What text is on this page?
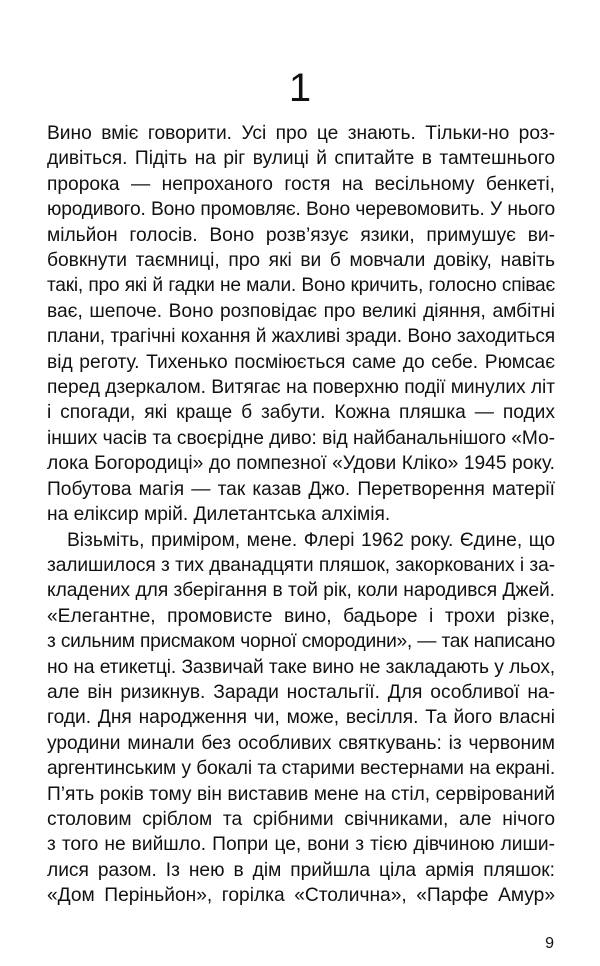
1

Вино вміє говорити. Усі про це знають. Тільки-но роз-
дивіться. Підіть на ріг вулиці й спитайте в тамтешнього
пророка — непроханого гостя на весільному бенкеті,
юродивого. Воно промовляє. Воно черевомовить. У нього
мільйон голосів. Воно розв’язує язики, примушує ви-
бовкнути таємниці, про які ви б мовчали довіку, навіть
такі, про які й гадки не мали. Воно кричить, голосно співає
ває, шепоче. Воно розповідає про великі діяння, амбітні
плани, трагічні кохання й жахливі зради. Воно заходиться
від реготу. Тихенько посміюється саме до себе. Рюмсає
перед дзеркалом. Витягає на поверхню події минулих літ
і спогади, які краще б забути. Кожна пляшка — подих
інших часів та своєрідне диво: від найбанальнішого «Мо-
лока Богородиці» до помпезної «Удови Кліко» 1945 року.
Побутова магія — так казав Джо. Перетворення матерії
на еліксир мрій. Дилетантська алхімія.

Візьміть, приміром, мене. Флері 1962 року. Єдине, що
залишилося з тих дванадцяти пляшок, закоркованих і за-
кладених для зберігання в той рік, коли народився Джей.
«Елегантне, промовисте вино, бадьоре і трохи різке,
з сильним присмаком чорної смородини», — так написано
но на етикетці. Зазвичай таке вино не закладають у льох,
але він ризикнув. Заради ностальгії. Для особливої на-
годи. Дня народження чи, може, весілля. Та його власні
уродини минали без особливих святкувань: із червоним
аргентинським у бокалі та старими вестернами на екрані.
П’ять років тому він виставив мене на стіл, сервірований
столовим сріблом та срібними свічниками, але нічого
з того не вийшло. Попри це, вони з тією дівчиною лиши-
лися разом. Із нею в дім прийшла ціла армія пляшок:
«Дом Періньйон», горілка «Столична», «Парфе Амур»

9
